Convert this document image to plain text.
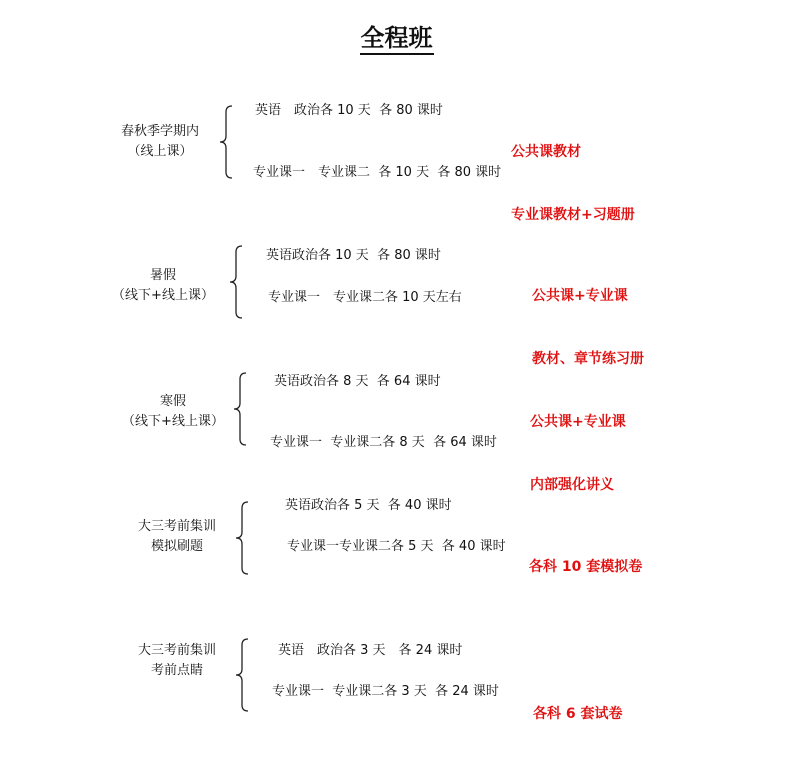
全程班
春秋季学期内
（线上课）
英语　政治各 10 天  各 80 课时
专业课一　专业课二  各 10 天  各 80 课时

公共课教材

专业课教材+习题册

暑假
（线下+线上课）
英语政治各 10 天  各 80 课时
专业课一　专业课二各 10 天左右

	公共课+专业课

教材、章节练习册

寒假
（线下+线上课）
英语政治各 8 天  各 64 课时
专业课一  专业课二各 8 天  各 64 课时

公共课+专业课

内部强化讲义

大三考前集训
模拟刷题
英语政治各 5 天  各 40 课时
专业课一专业课二各 5 天  各 40 课时

各科 10 套模拟卷

大三考前集训
考前点睛
英语　政治各 3 天　各 24 课时
专业课一  专业课二各 3 天  各 24 课时

各科 6 套试卷
